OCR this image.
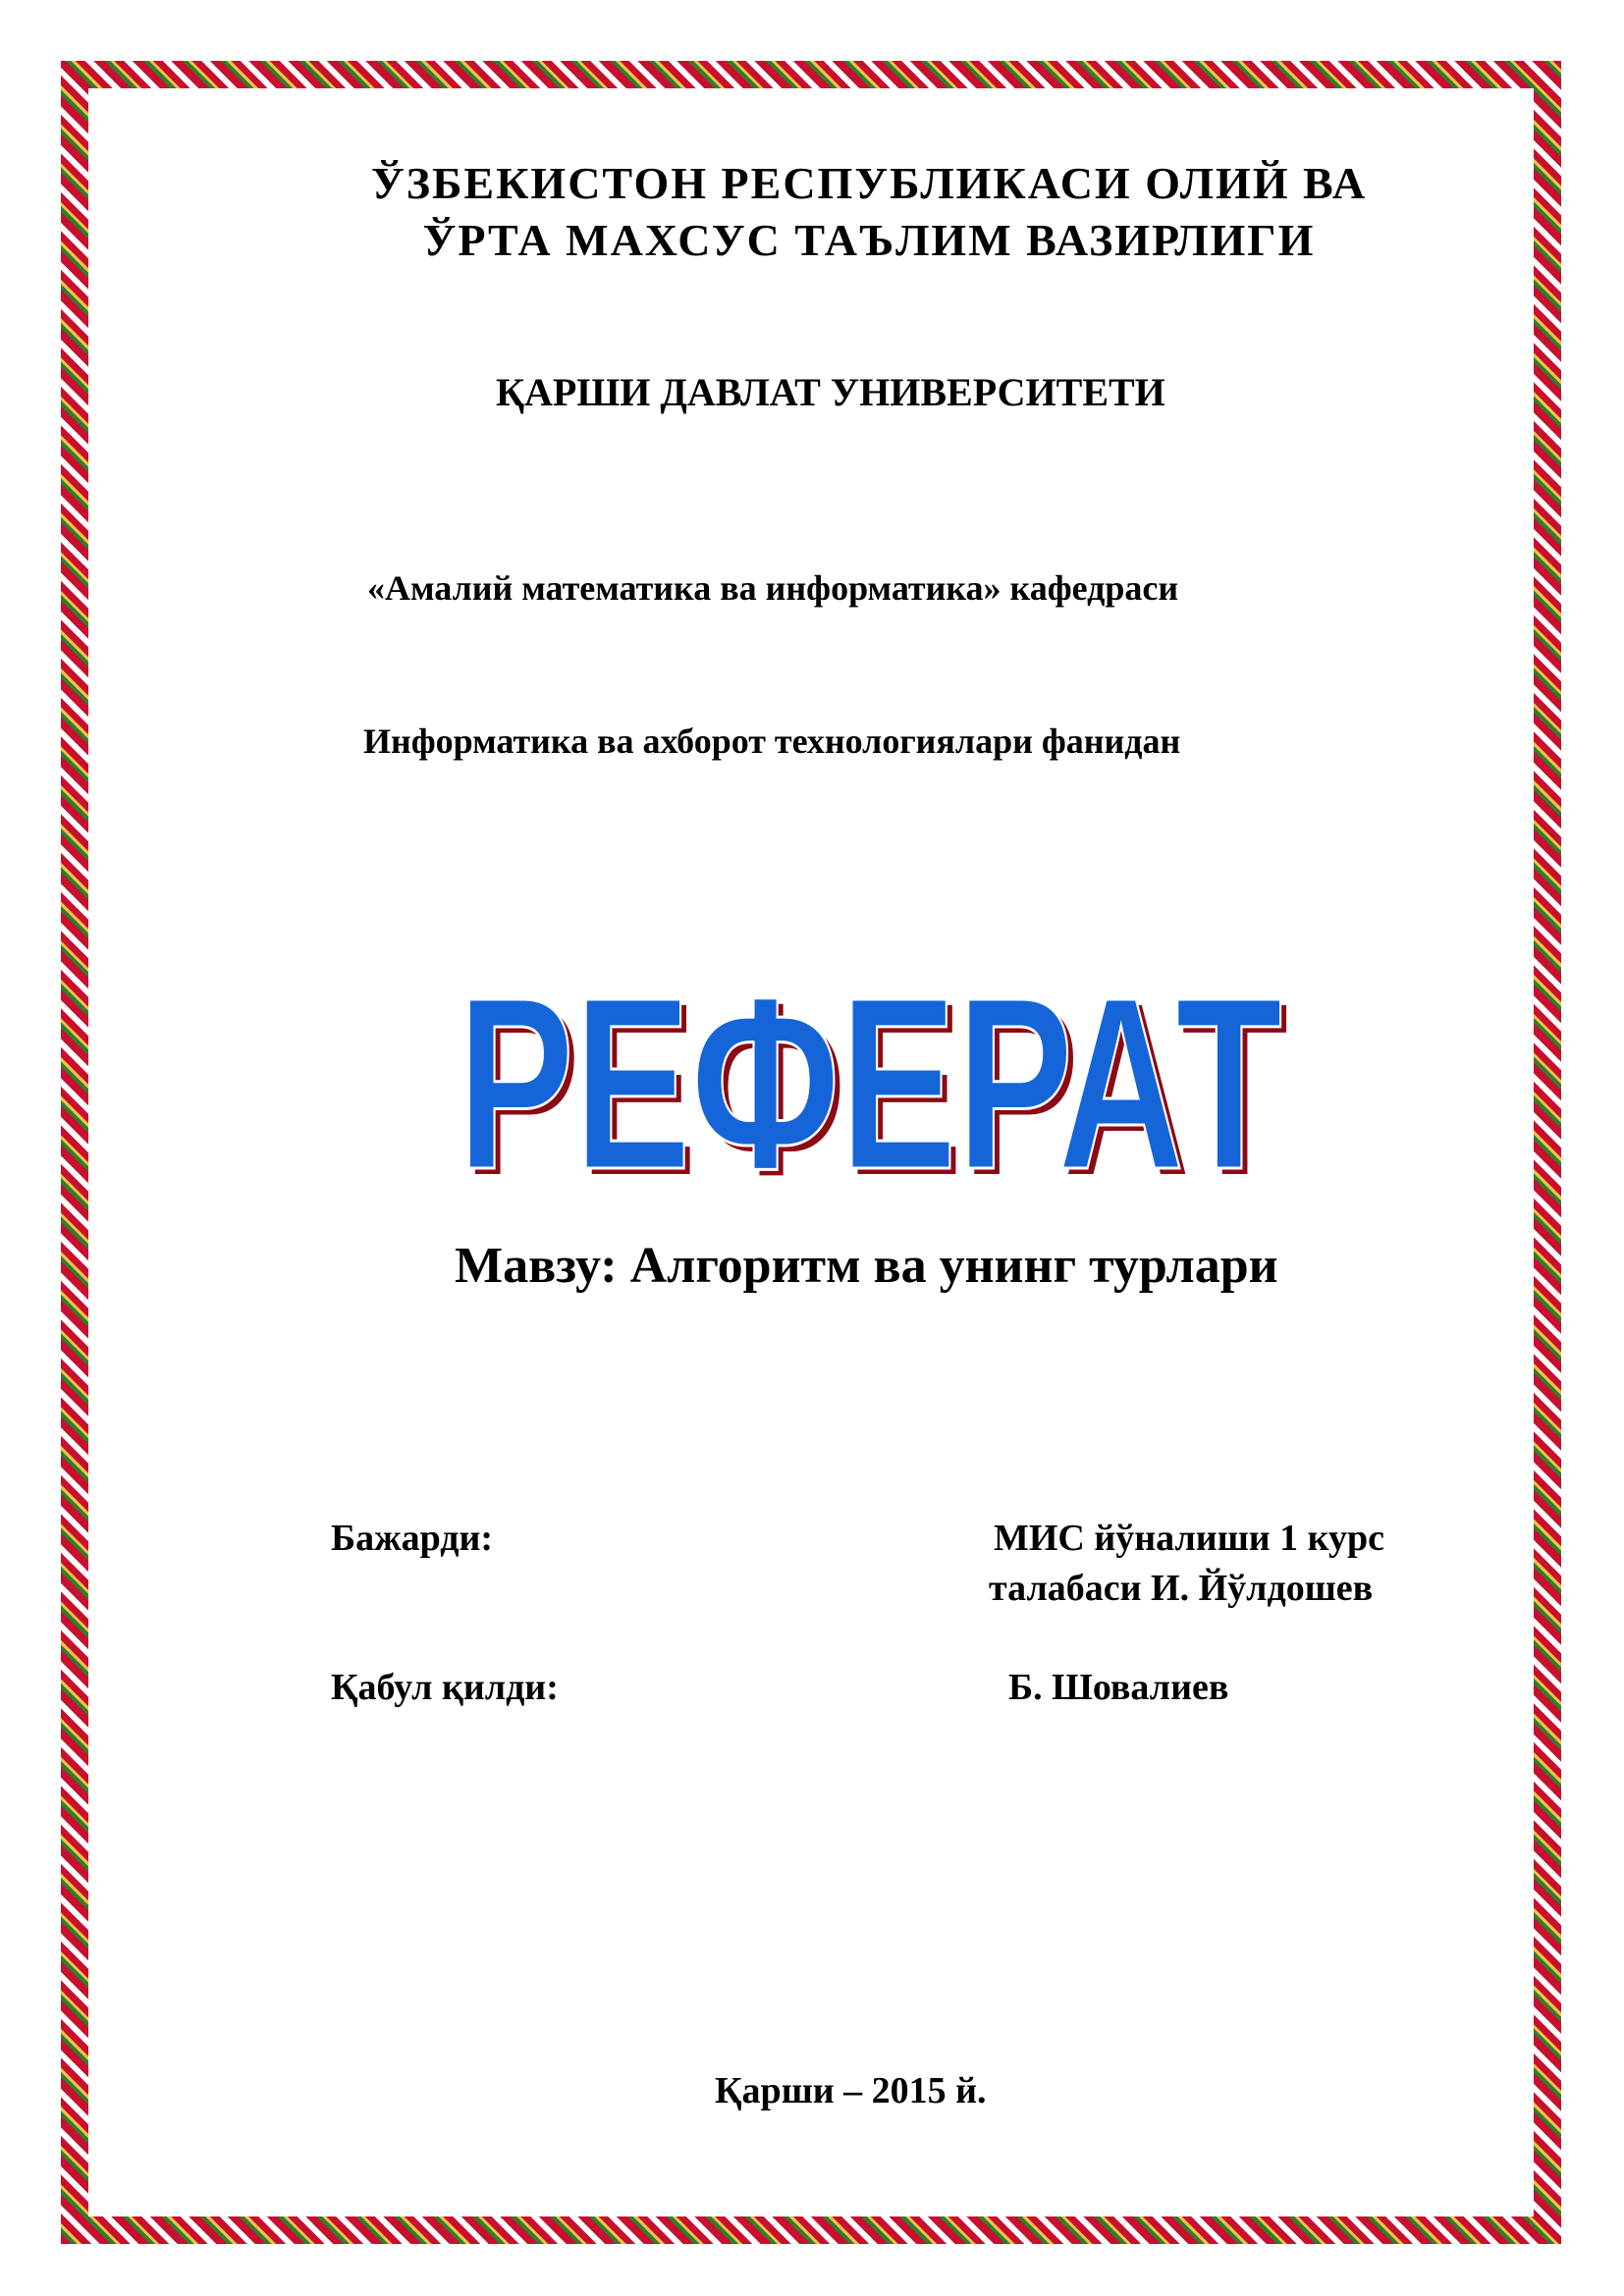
ЎЗБЕКИСТОН РЕСПУБЛИКАСИ ОЛИЙ ВА
ЎРТА МАХСУС ТАЪЛИМ ВАЗИРЛИГИ
ҚАРШИ ДАВЛАТ УНИВЕРСИТЕТИ
«Амалий математика ва информатика» кафедраси
Информатика ва ахборот технологиялари фанидан
РЕФЕРАТ
РЕФЕРАТ
Мавзу: Алгоритм ва унинг турлари
Бажарди:	МИС йўналиши 1 курс
талабаси И. Йўлдошев
Қабул қилди:	Б. Шовалиев
Қарши – 2015 й.
